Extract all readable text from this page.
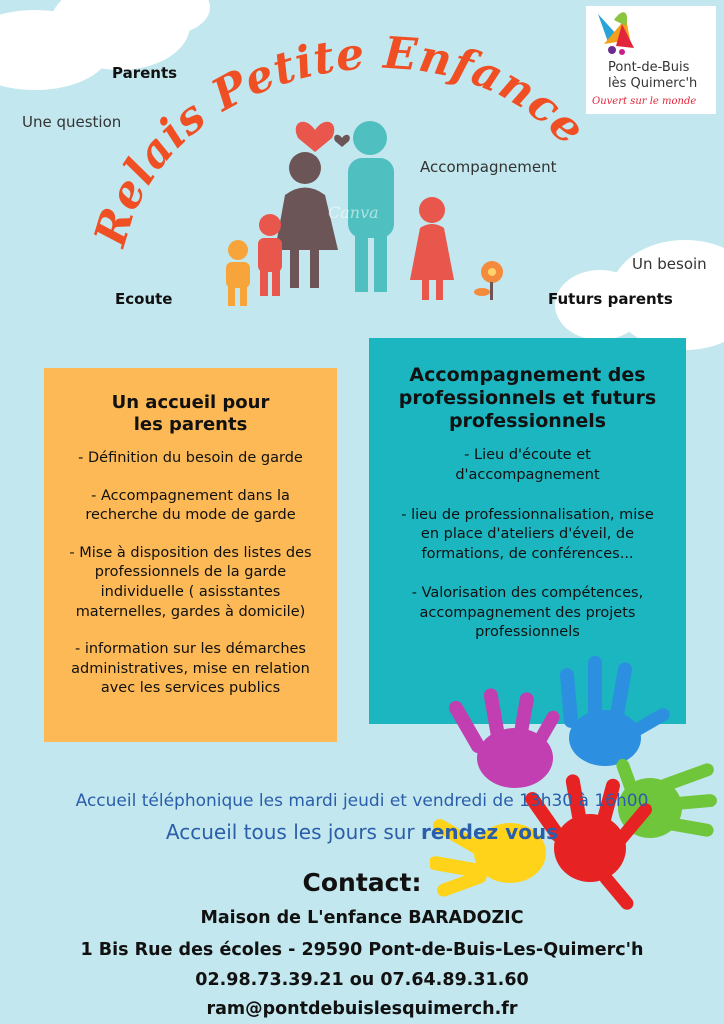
Pont-de-Buis
lès Quimerc'h
Ouvert sur le monde
Relais Petite Enfance
Canva
Parents
Une question
Accompagnement
Un besoin
Ecoute	Futurs parents
Un accueil pour les parents

- Définition du besoin de garde

- Accompagnement dans la recherche du mode de garde

- Mise à disposition des listes des professionnels de la garde individuelle ( asisstantes maternelles, gardes à domicile)

- information sur les démarches administratives, mise en relation avec les services publics

Accompagnement des professionnels et futurs professionnels

- Lieu d'écoute et d'accompagnement

- lieu de professionnalisation, mise en place d'ateliers d'éveil, de formations, de conférences...

- Valorisation des compétences, accompagnement des projets professionnels

Accueil téléphonique les mardi jeudi et vendredi de 13h30 à 16h00
Accueil tous les jours sur rendez vous
Contact:
Maison de L'enfance BARADOZIC
1 Bis Rue des écoles - 29590 Pont-de-Buis-Les-Quimerc'h
02.98.73.39.21 ou 07.64.89.31.60
ram@pontdebuislesquimerch.fr
